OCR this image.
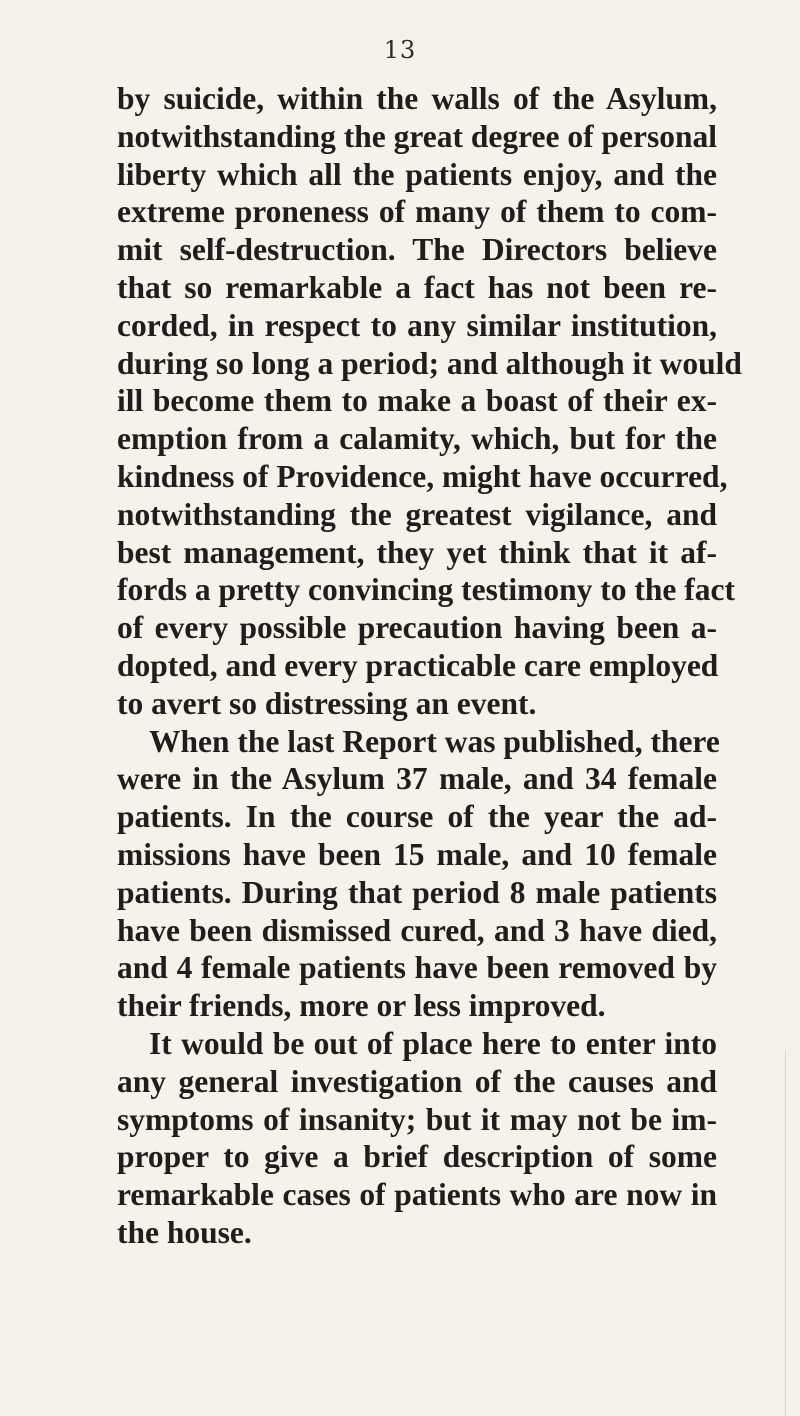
13
by suicide, within the walls of the Asylum,
notwithstanding the great degree of personal
liberty which all the patients enjoy, and the
extreme proneness of many of them to com-
mit self-destruction. The Directors believe
that so remarkable a fact has not been re-
corded, in respect to any similar institution,
during so long a period; and although it would
ill become them to make a boast of their ex-
emption from a calamity, which, but for the
kindness of Providence, might have occurred,
notwithstanding the greatest vigilance, and
best management, they yet think that it af-
fords a pretty convincing testimony to the fact
of every possible precaution having been a-
dopted, and every practicable care employed
to avert so distressing an event.
When the last Report was published, there
were in the Asylum 37 male, and 34 female
patients. In the course of the year the ad-
missions have been 15 male, and 10 female
patients. During that period 8 male patients
have been dismissed cured, and 3 have died,
and 4 female patients have been removed by
their friends, more or less improved.
It would be out of place here to enter into
any general investigation of the causes and
symptoms of insanity; but it may not be im-
proper to give a brief description of some
remarkable cases of patients who are now in
the house.
